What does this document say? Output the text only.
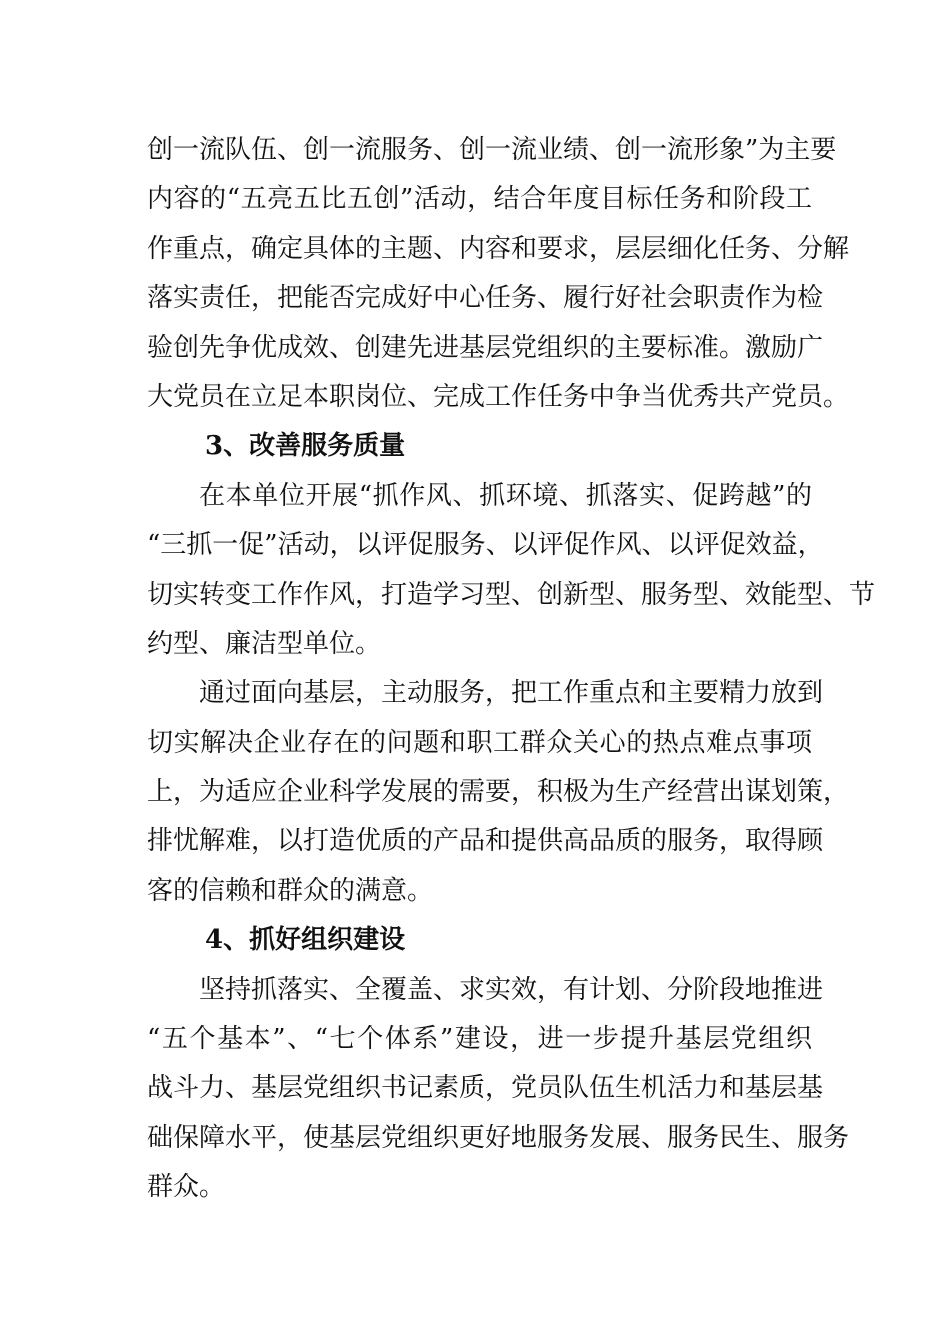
创一流队伍、创一流服务、创一流业绩、创一流形象”为主要
内容的“五亮五比五创”活动，结合年度目标任务和阶段工
作重点，确定具体的主题、内容和要求，层层细化任务、分解
落实责任，把能否完成好中心任务、履行好社会职责作为检
验创先争优成效、创建先进基层党组织的主要标准。激励广
大党员在立足本职岗位、完成工作任务中争当优秀共产党员。
3、改善服务质量
在本单位开展“抓作风、抓环境、抓落实、促跨越”的
“三抓一促”活动，以评促服务、以评促作风、以评促效益，
切实转变工作作风，打造学习型、创新型、服务型、效能型、节
约型、廉洁型单位。
通过面向基层，主动服务，把工作重点和主要精力放到
切实解决企业存在的问题和职工群众关心的热点难点事项
上，为适应企业科学发展的需要，积极为生产经营出谋划策，
排忧解难，以打造优质的产品和提供高品质的服务，取得顾
客的信赖和群众的满意。
4、抓好组织建设
坚持抓落实、全覆盖、求实效，有计划、分阶段地推进
“五个基本”、“七个体系”建设，进一步提升基层党组织
战斗力、基层党组织书记素质，党员队伍生机活力和基层基
础保障水平，使基层党组织更好地服务发展、服务民生、服务
群众。
